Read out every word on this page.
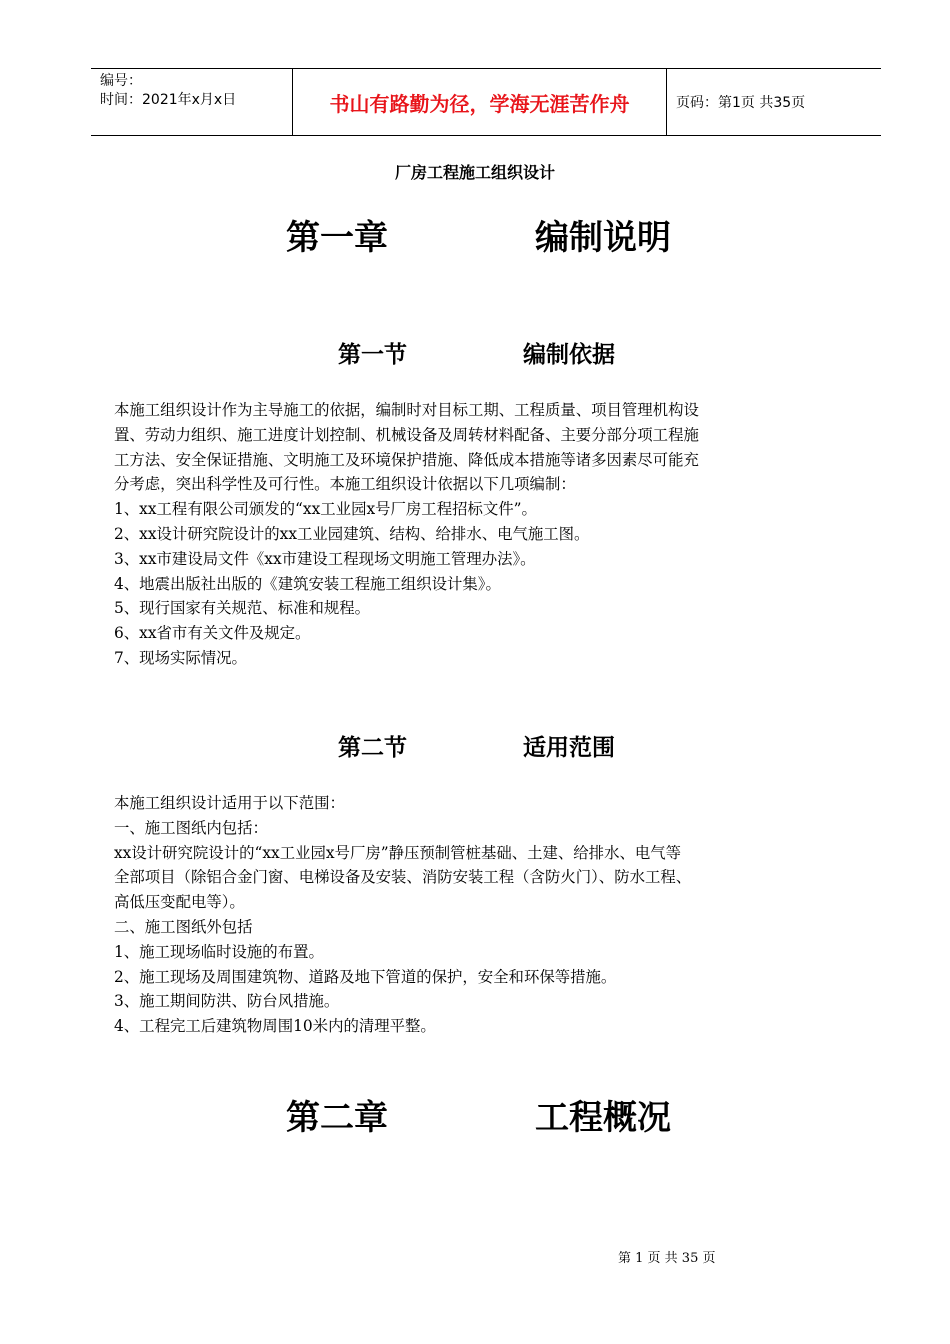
编号：
时间：2021年x月x日	书山有路勤为径，学海无涯苦作舟	页码：第1页 共35页
厂房工程施工组织设计
第一章	编制说明
第一节	编制依据

本施工组织设计作为主导施工的依据，编制时对目标工期、工程质量、项目管理机构设

置、劳动力组织、施工进度计划控制、机械设备及周转材料配备、主要分部分项工程施

工方法、安全保证措施、文明施工及环境保护措施、降低成本措施等诸多因素尽可能充

分考虑，突出科学性及可行性。本施工组织设计依据以下几项编制：

1、xx工程有限公司颁发的“xx工业园x号厂房工程招标文件”。

2、xx设计研究院设计的xx工业园建筑、结构、给排水、电气施工图。

3、xx市建设局文件《xx市建设工程现场文明施工管理办法》。

4、地震出版社出版的《建筑安装工程施工组织设计集》。

5、现行国家有关规范、标准和规程。

6、xx省市有关文件及规定。

7、现场实际情况。

第二节	适用范围

本施工组织设计适用于以下范围：

一、施工图纸内包括：

xx设计研究院设计的“xx工业园x号厂房”静压预制管桩基础、土建、给排水、电气等

全部项目（除铝合金门窗、电梯设备及安装、消防安装工程（含防火门）、防水工程、

高低压变配电等）。

二、施工图纸外包括

1、施工现场临时设施的布置。

2、施工现场及周围建筑物、道路及地下管道的保护，安全和环保等措施。

3、施工期间防洪、防台风措施。

4、工程完工后建筑物周围10米内的清理平整。

第二章	工程概况
第 1 页 共 35 页
